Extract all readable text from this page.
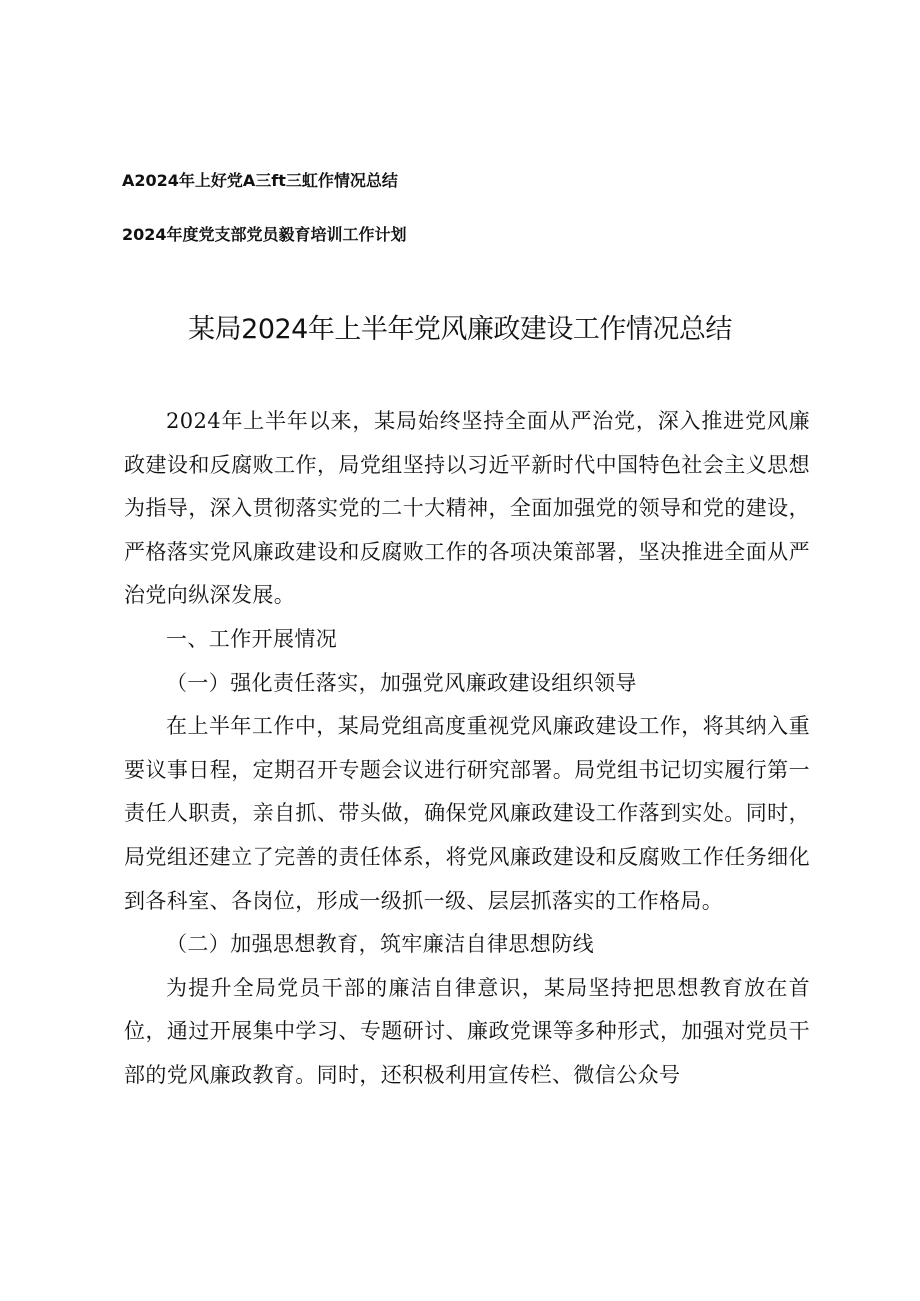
A2024年上好党A三ft三虹作情况总结
2024年度党支部党员毅育培训工作计划
某局2024年上半年党风廉政建设工作情况总结

2024年上半年以来，某局始终坚持全面从严治党，深入推进党风廉政建设和反腐败工作，局党组坚持以习近平新时代中国特色社会主义思想为指导，深入贯彻落实党的二十大精神，全面加强党的领导和党的建设，严格落实党风廉政建设和反腐败工作的各项决策部署，坚决推进全面从严治党向纵深发展。

一、工作开展情况

（一）强化责任落实，加强党风廉政建设组织领导

在上半年工作中，某局党组高度重视党风廉政建设工作，将其纳入重要议事日程，定期召开专题会议进行研究部署。局党组书记切实履行第一责任人职责，亲自抓、带头做，确保党风廉政建设工作落到实处。同时，局党组还建立了完善的责任体系，将党风廉政建设和反腐败工作任务细化到各科室、各岗位，形成一级抓一级、层层抓落实的工作格局。

（二）加强思想教育，筑牢廉洁自律思想防线

为提升全局党员干部的廉洁自律意识，某局坚持把思想教育放在首位，通过开展集中学习、专题研讨、廉政党课等多种形式，加强对党员干部的党风廉政教育。同时，还积极利用宣传栏、微信公众号
